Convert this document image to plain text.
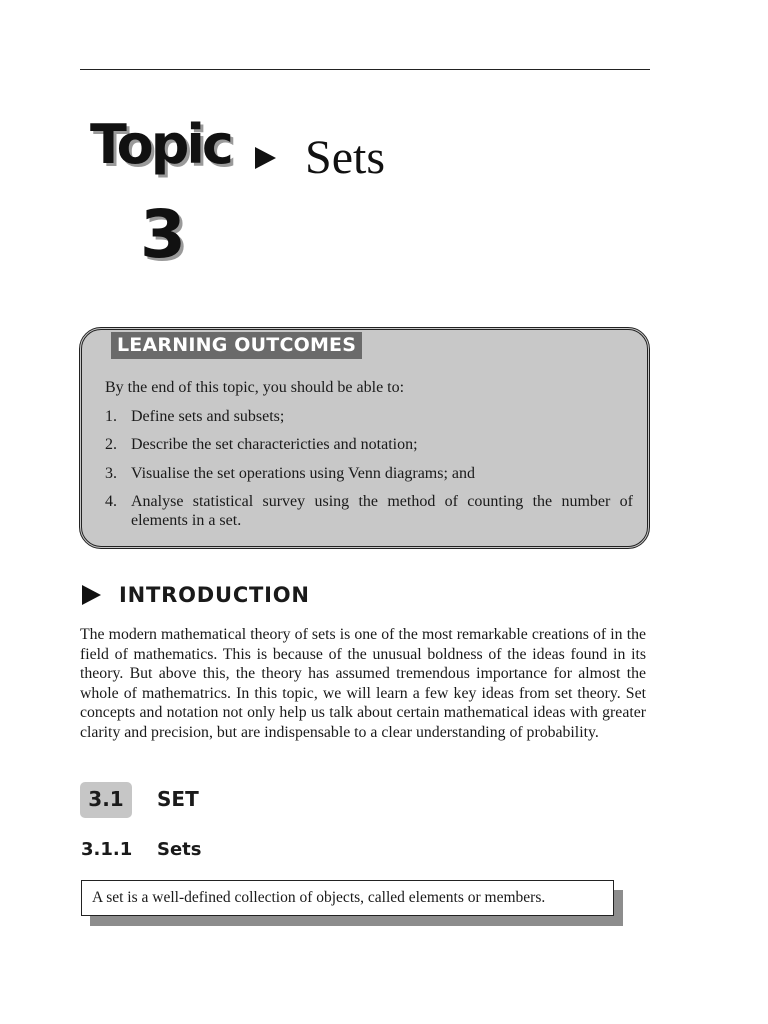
Topic Sets
3
LEARNING OUTCOMES
By the end of this topic, you should be able to:
1. Define sets and subsets;
2. Describe the set charactericties and notation;
3. Visualise the set operations using Venn diagrams; and
4. Analyse statistical survey using the method of counting the number of elements in a set.
INTRODUCTION
The modern mathematical theory of sets is one of the most remarkable creations of in the field of mathematics. This is because of the unusual boldness of the ideas found in its theory. But above this, the theory has assumed tremendous importance for almost the whole of mathematrics. In this topic, we will learn a few key ideas from set theory. Set concepts and notation not only help us talk about certain mathematical ideas with greater clarity and precision, but are indispensable to a clear understanding of probability.
3.1	SET
3.1.1 Sets
A set is a well-defined collection of objects, called elements or members.
